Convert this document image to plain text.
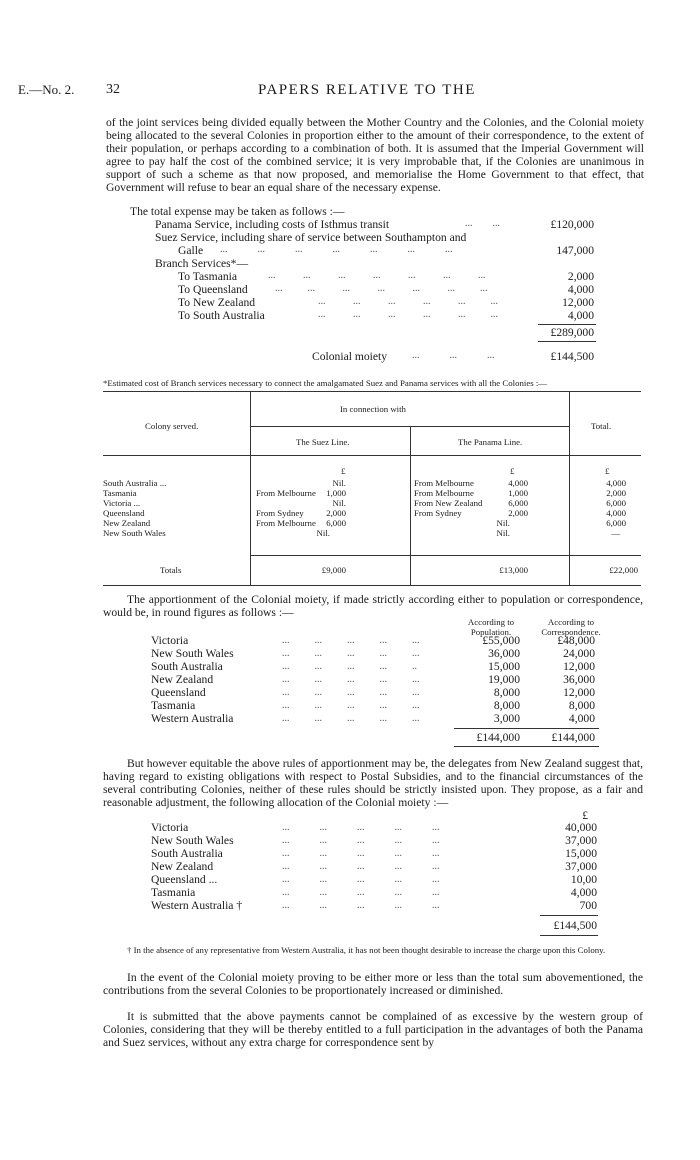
E.—No. 2. 32	PAPERS RELATIVE TO THE
of the joint services being divided equally between the Mother Country and the Colonies, and the Colonial moiety being allocated to the several Colonies in proportion either to the amount of their correspondence, to the extent of their population, or perhaps according to a combination of both. It is assumed that the Imperial Government will agree to pay half the cost of the combined service; it is very improbable that, if the Colonies are unanimous in support of such a scheme as that now proposed, and memorialise the Home Government to that effect, that Government will refuse to bear an equal share of the necessary expense.
The total expense may be taken as follows :—
Panama Service, including costs of Isthmus transit	...        ...	£120,000
Suez Service, including share of service between Southampton and
Galle ...            ...            ...            ...            ...            ...            ...	147,000
Branch Services*—
To Tasmania	...           ...           ...           ...           ...           ...           ...	2,000
To Queensland	...          ...           ...           ...           ...           ...          ...	4,000
To New Zealand	...           ...           ...           ...           ...          ...	12,000
To South Australia	...           ...           ...           ...           ...          ...	4,000
£289,000
Colonial moiety ...            ...            ...	£144,500
*Estimated cost of Branch services necessary to connect the amalgamated Suez and Panama services with all the Colonies :—
In connection with
Colony served.	Total.
The Suez Line.	The Panama Line.
£	£	£
South Australia ...	Nil.	From Melbourne	4,000	4,000
Tasmania	From Melbourne 1,000	From Melbourne	1,000	2,000
Victoria ...	Nil.	From New Zealand	6,000	6,000
Queensland	From Sydney	2,000	From Sydney	2,000	4,000
New Zealand	From Melbourne 6,000	Nil.	6,000
New South Wales	Nil.	Nil.	—
Totals	£9,000	£13,000	£22,000
The apportionment of the Colonial moiety, if made strictly according either to population or correspondence, would be, in round figures as follows :—
According to
Population.
According to
Correspondence.
Victoria	£55,000	£48,000
New South Wales	36,000	24,000
South Australia	15,000	12,000
New Zealand	19,000	36,000
Queensland	8,000	12,000
Tasmania	8,000	8,000
Western Australia	3,000	4,000
...          ...          ...          ...          ...
...          ...          ...          ...          ...
...          ...          ...          ...          ..
...          ...          ...          ...          ...
...          ...          ...          ...          ...
...          ...          ...          ...          ...
...          ...          ...          ...          ...
£144,000	£144,000
But however equitable the above rules of apportionment may be, the delegates from New Zealand suggest that, having regard to existing obligations with respect to Postal Subsidies, and to the financial circumstances of the several contributing Colonies, neither of these rules should be strictly insisted upon. They propose, as a fair and reasonable adjustment, the following allocation of the Colonial moiety :—
£
Victoria	40,000
New South Wales	37,000
South Australia	15,000
New Zealand	37,000
Queensland ...	10,00
Tasmania	4,000
Western Australia †	700
...            ...            ...            ...            ...
...            ...            ...            ...            ...
...            ...            ...            ...            ...
...            ...            ...            ...            ...
...            ...            ...            ...            ...
...            ...            ...            ...            ...
...            ...            ...            ...            ...
£144,500
† In the absence of any representative from Western Australia, it has not been thought desirable to increase the charge upon this Colony.
In the event of the Colonial moiety proving to be either more or less than the total sum abovementioned, the contributions from the several Colonies to be proportionately increased or diminished.
It is submitted that the above payments cannot be complained of as excessive by the western group of Colonies, considering that they will be thereby entitled to a full participation in the advantages of both the Panama and Suez services, without any extra charge for correspondence sent by
